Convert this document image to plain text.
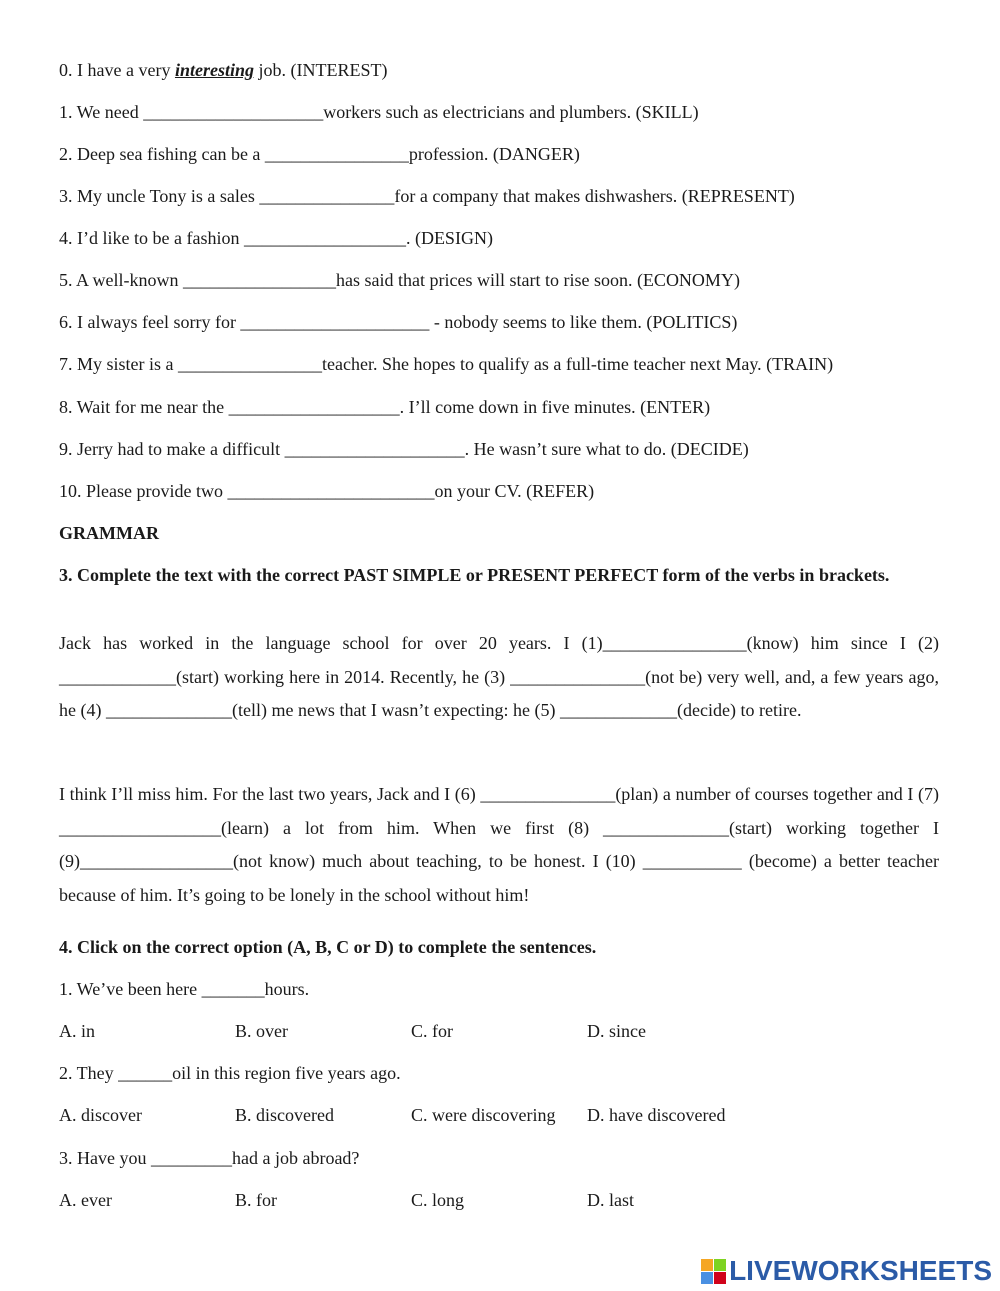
0. I have a very interesting job. (INTEREST)
1. We need ____________________workers such as electricians and plumbers. (SKILL)
2. Deep sea fishing can be a ________________profession. (DANGER)
3. My uncle Tony is a sales _______________for a company that makes dishwashers. (REPRESENT)
4. I’d like to be a fashion __________________. (DESIGN)
5. A well-known _________________has said that prices will start to rise soon. (ECONOMY)
6. I always feel sorry for _____________________ - nobody seems to like them. (POLITICS)
7. My sister is a ________________teacher. She hopes to qualify as a full-time teacher next May. (TRAIN)
8. Wait for me near the ___________________. I’ll come down in five minutes. (ENTER)
9. Jerry had to make a difficult ____________________. He wasn’t sure what to do. (DECIDE)
10. Please provide two _______________________on your CV. (REFER)
GRAMMAR
3. Complete the text with the correct PAST SIMPLE or PRESENT PERFECT form of the verbs in brackets.
Jack has worked in the language school for over 20 years. I (1)________________(know) him since I (2) _____________(start) working here in 2014. Recently, he (3) _______________(not be) very well, and, a few years ago, he (4) ______________(tell) me news that I wasn’t expecting: he (5) _____________(decide) to retire.
I think I’ll miss him. For the last two years, Jack and I (6) _______________(plan) a number of courses together and I (7) __________________(learn) a lot from him. When we first (8) ______________(start) working together I (9)_________________(not know) much about teaching, to be honest. I (10) ___________ (become) a better teacher because of him. It’s going to be lonely in the school without him!
4. Click on the correct option (A, B, C or D) to complete the sentences.
1. We’ve been here _______hours.
A. in	B. over	C. for	D. since
2. They ______oil in this region five years ago.
A. discover	B. discovered	C. were discovering D. have discovered
3. Have you _________had a job abroad?
A. ever	B. for	C. long	D. last
LIVEWORKSHEETS
